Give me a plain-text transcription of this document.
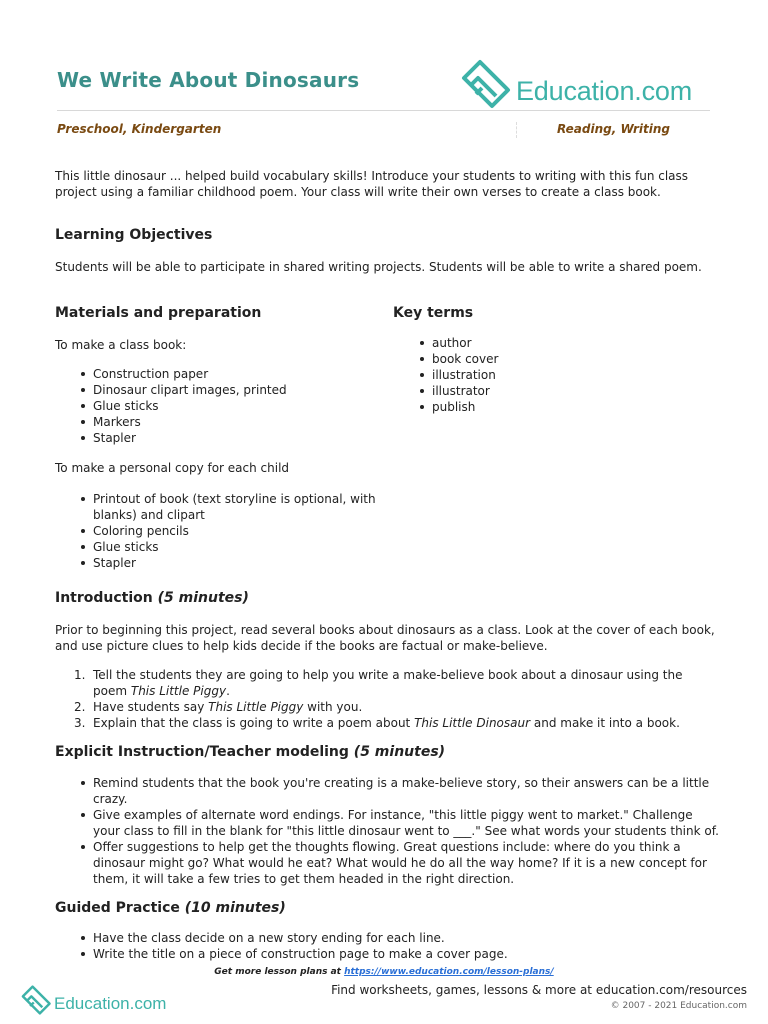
We Write About Dinosaurs	Education.com
Preschool, Kindergarten	Reading, Writing
This little dinosaur ... helped build vocabulary skills! Introduce your students to writing with this fun class project using a familiar childhood poem. Your class will write their own verses to create a class book.
Learning Objectives
Students will be able to participate in shared writing projects. Students will be able to write a shared poem.
Materials and preparation
To make a class book:
Construction paper
Dinosaur clipart images, printed
Glue sticks
Markers
Stapler
To make a personal copy for each child
Printout of book (text storyline is optional, with blanks) and clipart
Coloring pencils
Glue sticks
Stapler
Key terms
author
book cover
illustration
illustrator
publish
Introduction (5 minutes)
Prior to beginning this project, read several books about dinosaurs as a class. Look at the cover of each book, and use picture clues to help kids decide if the books are factual or make-believe.
1. Tell the students they are going to help you write a make-believe book about a dinosaur using the poem This Little Piggy.
2. Have students say This Little Piggy with you.
3. Explain that the class is going to write a poem about This Little Dinosaur and make it into a book.
Explicit Instruction/Teacher modeling (5 minutes)
Remind students that the book you're creating is a make-believe story, so their answers can be a little crazy.
Give examples of alternate word endings. For instance, "this little piggy went to market." Challenge your class to fill in the blank for "this little dinosaur went to ___." See what words your students think of.
Offer suggestions to help get the thoughts flowing. Great questions include: where do you think a dinosaur might go? What would he eat? What would he do all the way home? If it is a new concept for them, it will take a few tries to get them headed in the right direction.
Guided Practice (10 minutes)
Have the class decide on a new story ending for each line.
Write the title on a piece of construction page to make a cover page.
Get more lesson plans at https://www.education.com/lesson-plans/
Education.com
Find worksheets, games, lessons & more at education.com/resources
© 2007 - 2021 Education.com
